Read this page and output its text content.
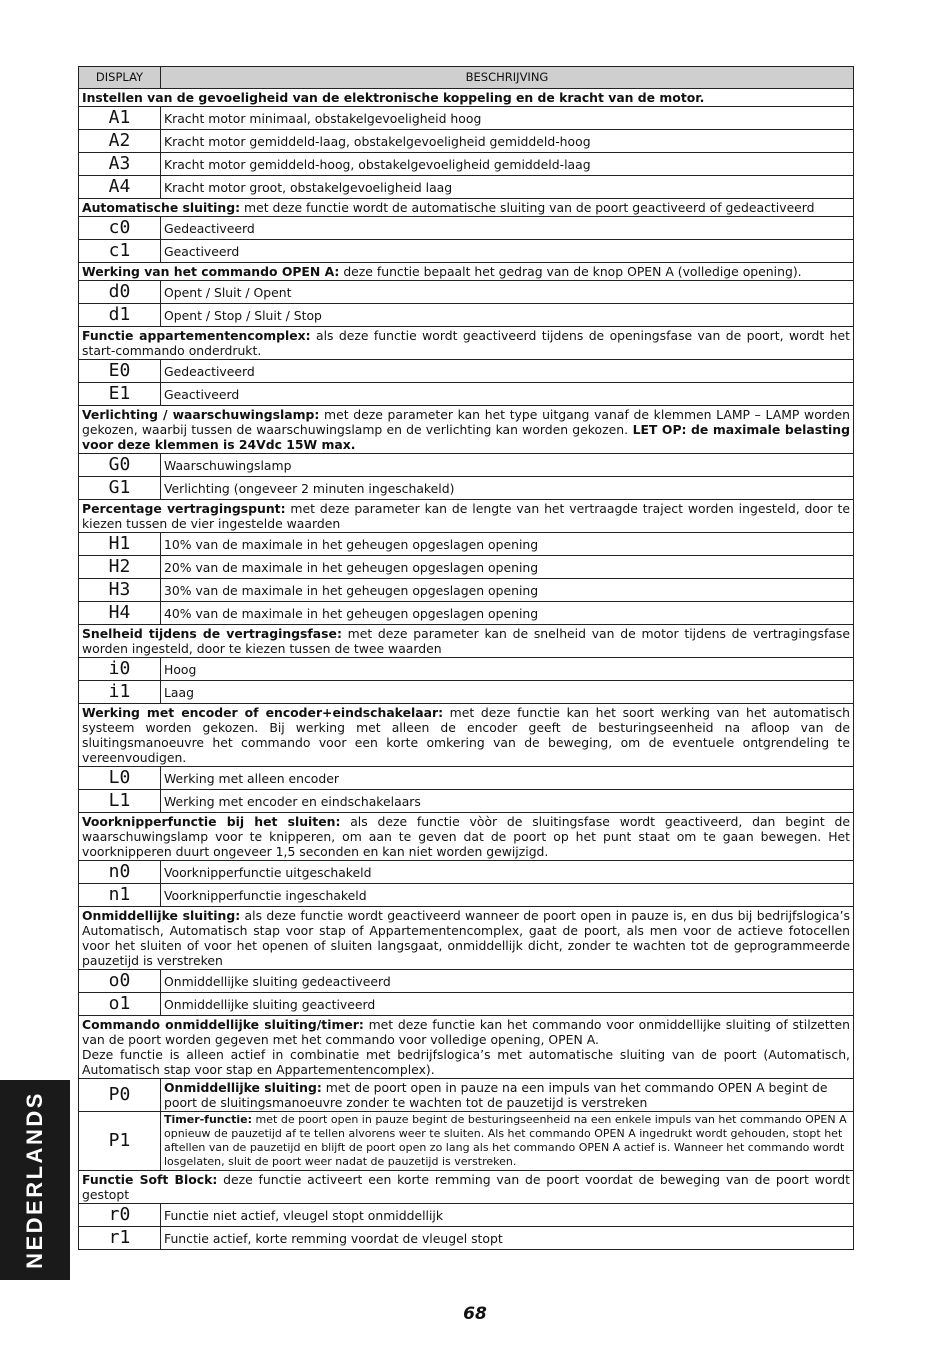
NEDERLANDS
DISPLAY	BESCHRIJVING
Instellen van de gevoeligheid van de elektronische koppeling en de kracht van de motor.	
A1	Kracht motor minimaal, obstakelgevoeligheid hoog
A2	Kracht motor gemiddeld-laag, obstakelgevoeligheid gemiddeld-hoog
A3	Kracht motor gemiddeld-hoog, obstakelgevoeligheid gemiddeld-laag
A4	Kracht motor groot, obstakelgevoeligheid laag
Automatische sluiting: met deze functie wordt de automatische sluiting van de poort geactiveerd of gedeactiveerd	
c0	Gedeactiveerd
c1	Geactiveerd
Werking van het commando OPEN A: deze functie bepaalt het gedrag van de knop OPEN A (volledige opening).	
d0	Opent / Sluit / Opent
d1	Opent / Stop / Sluit / Stop
Functie appartementencomplex: als deze functie wordt geactiveerd tijdens de openingsfase van de poort, wordt het start-commando onderdrukt.	
E0	Gedeactiveerd
E1	Geactiveerd
Verlichting / waarschuwingslamp: met deze parameter kan het type uitgang vanaf de klemmen LAMP – LAMP worden gekozen, waarbij tussen de waarschuwingslamp en de verlichting kan worden gekozen. LET OP: de maximale belasting voor deze klemmen is 24Vdc 15W max.	
G0	Waarschuwingslamp
G1	Verlichting (ongeveer 2 minuten ingeschakeld)
Percentage vertragingspunt: met deze parameter kan de lengte van het vertraagde traject worden ingesteld, door te kiezen tussen de vier ingestelde waarden	
H1	10% van de maximale in het geheugen opgeslagen opening
H2	20% van de maximale in het geheugen opgeslagen opening
H3	30% van de maximale in het geheugen opgeslagen opening
H4	40% van de maximale in het geheugen opgeslagen opening
Snelheid tijdens de vertragingsfase: met deze parameter kan de snelheid van de motor tijdens de vertragingsfase worden ingesteld, door te kiezen tussen de twee waarden	
i0	Hoog
i1	Laag
Werking met encoder of encoder+eindschakelaar: met deze functie kan het soort werking van het automatisch systeem worden gekozen. Bij werking met alleen de encoder geeft de besturingseenheid na afloop van de sluitingsmanoeuvre het commando voor een korte omkering van de beweging, om de eventuele ontgrendeling te vereenvoudigen.	
L0	Werking met alleen encoder
L1	Werking met encoder en eindschakelaars
Voorknipperfunctie bij het sluiten: als deze functie vòòr de sluitingsfase wordt geactiveerd, dan begint de waarschuwingslamp voor te knipperen, om aan te geven dat de poort op het punt staat om te gaan bewegen. Het voorknipperen duurt ongeveer 1,5 seconden en kan niet worden gewijzigd.	
n0	Voorknipperfunctie uitgeschakeld
n1	Voorknipperfunctie ingeschakeld
Onmiddellijke sluiting: als deze functie wordt geactiveerd wanneer de poort open in pauze is, en dus bij bedrijfslogica’s Automatisch, Automatisch stap voor stap of Appartementencomplex, gaat de poort, als men voor de actieve fotocellen voor het sluiten of voor het openen of sluiten langsgaat, onmiddellijk dicht, zonder te wachten tot de geprogrammeerde pauzetijd is verstreken	
o0	Onmiddellijke sluiting gedeactiveerd
o1	Onmiddellijke sluiting geactiveerd
Commando onmiddellijke sluiting/timer: met deze functie kan het commando voor onmiddellijke sluiting of stilzetten van de poort worden gegeven met het commando voor volledige opening, OPEN A.
Deze functie is alleen actief in combinatie met bedrijfslogica’s met automatische sluiting van de poort (Automatisch, Automatisch stap voor stap en Appartementencomplex).	
P0	Onmiddellijke sluiting: met de poort open in pauze na een impuls van het commando OPEN A begint de poort de sluitingsmanoeuvre zonder te wachten tot de pauzetijd is verstreken
P1	Timer-functie: met de poort open in pauze begint de besturingseenheid na een enkele impuls van het commando OPEN A opnieuw de pauzetijd af te tellen alvorens weer te sluiten. Als het commando OPEN A ingedrukt wordt gehouden, stopt het aftellen van de pauzetijd en blijft de poort open zo lang als het commando OPEN A actief is. Wanneer het commando wordt losgelaten, sluit de poort weer nadat de pauzetijd is verstreken.
Functie Soft Block: deze functie activeert een korte remming van de poort voordat de beweging van de poort wordt gestopt	
r0	Functie niet actief, vleugel stopt onmiddellijk
r1	Functie actief, korte remming voordat de vleugel stopt
68
